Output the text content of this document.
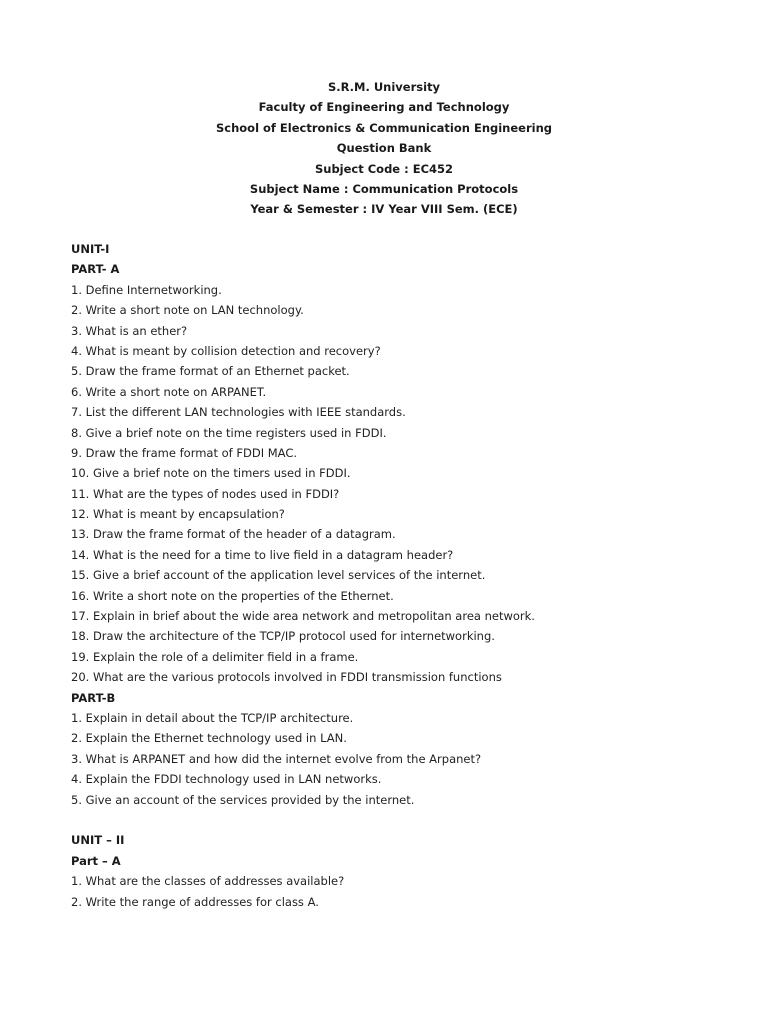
S.R.M. University
Faculty of Engineering and Technology
School of Electronics & Communication Engineering
Question Bank
Subject Code : EC452
Subject Name : Communication Protocols
Year & Semester : IV Year VIII Sem. (ECE)
UNIT-I
PART- A
1. Define Internetworking.
2. Write a short note on LAN technology.
3. What is an ether?
4. What is meant by collision detection and recovery?
5. Draw the frame format of an Ethernet packet.
6. Write a short note on ARPANET.
7. List the different LAN technologies with IEEE standards.
8. Give a brief note on the time registers used in FDDI.
9. Draw the frame format of FDDI MAC.
10. Give a brief note on the timers used in FDDI.
11. What are the types of nodes used in FDDI?
12. What is meant by encapsulation?
13. Draw the frame format of the header of a datagram.
14. What is the need for a time to live field in a datagram header?
15. Give a brief account of the application level services of the internet.
16. Write a short note on the properties of the Ethernet.
17. Explain in brief about the wide area network and metropolitan area network.
18. Draw the architecture of the TCP/IP protocol used for internetworking.
19. Explain the role of a delimiter field in a frame.
20. What are the various protocols involved in FDDI transmission functions
PART-B
1. Explain in detail about the TCP/IP architecture.
2. Explain the Ethernet technology used in LAN.
3. What is ARPANET and how did the internet evolve from the Arpanet?
4. Explain the FDDI technology used in LAN networks.
5. Give an account of the services provided by the internet.
UNIT – II
Part – A
1. What are the classes of addresses available?
2. Write the range of addresses for class A.
